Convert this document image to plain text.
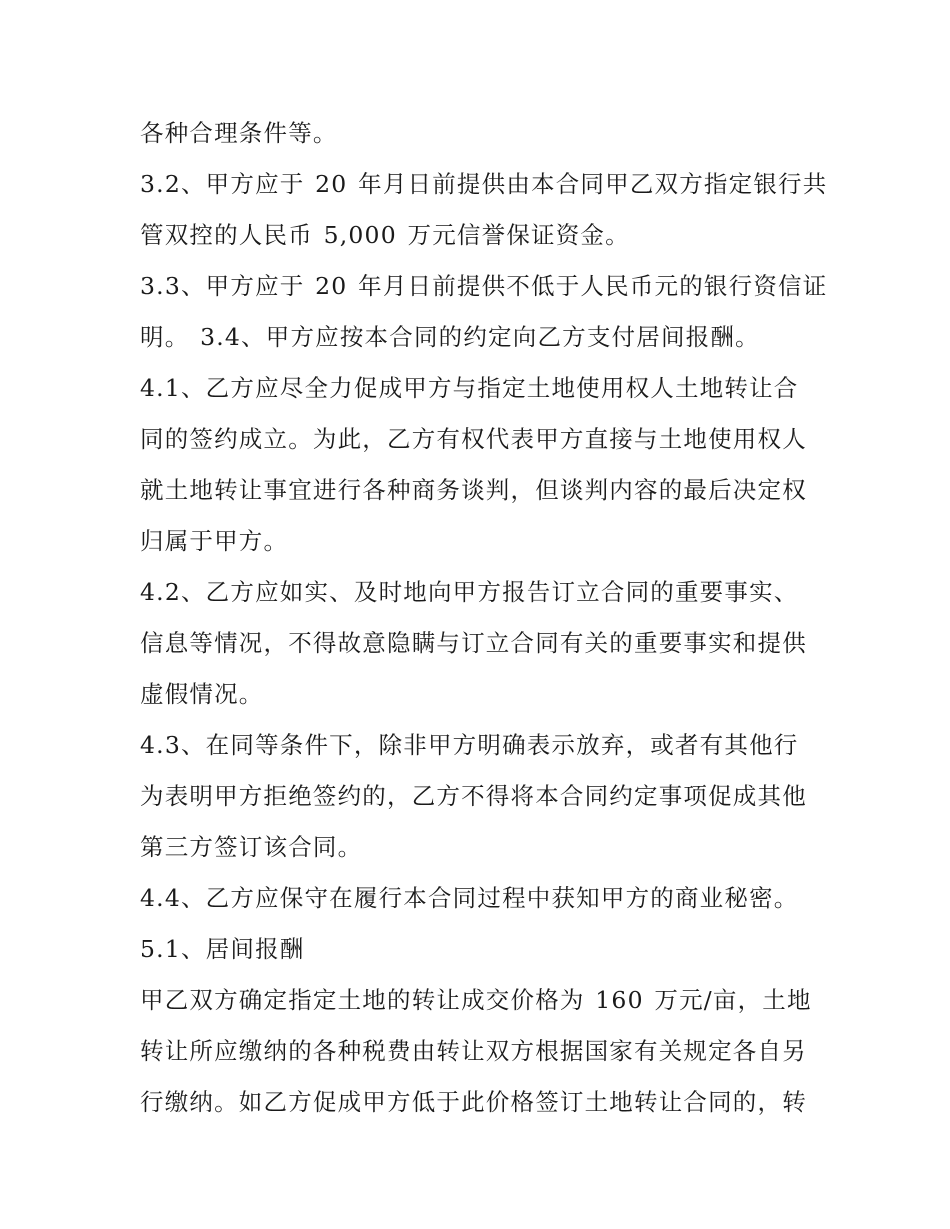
各种合理条件等。
3.2、甲方应于 20 年月日前提供由本合同甲乙双方指定银行共
管双控的人民币 5,000 万元信誉保证资金。
3.3、甲方应于 20 年月日前提供不低于人民币元的银行资信证
明。 3.4、甲方应按本合同的约定向乙方支付居间报酬。
4.1、乙方应尽全力促成甲方与指定土地使用权人土地转让合
同的签约成立。为此，乙方有权代表甲方直接与土地使用权人
就土地转让事宜进行各种商务谈判，但谈判内容的最后决定权
归属于甲方。
4.2、乙方应如实、及时地向甲方报告订立合同的重要事实、
信息等情况，不得故意隐瞒与订立合同有关的重要事实和提供
虚假情况。
4.3、在同等条件下，除非甲方明确表示放弃，或者有其他行
为表明甲方拒绝签约的，乙方不得将本合同约定事项促成其他
第三方签订该合同。
4.4、乙方应保守在履行本合同过程中获知甲方的商业秘密。
5.1、居间报酬
甲乙双方确定指定土地的转让成交价格为 160 万元/亩，土地
转让所应缴纳的各种税费由转让双方根据国家有关规定各自另
行缴纳。如乙方促成甲方低于此价格签订土地转让合同的，转
